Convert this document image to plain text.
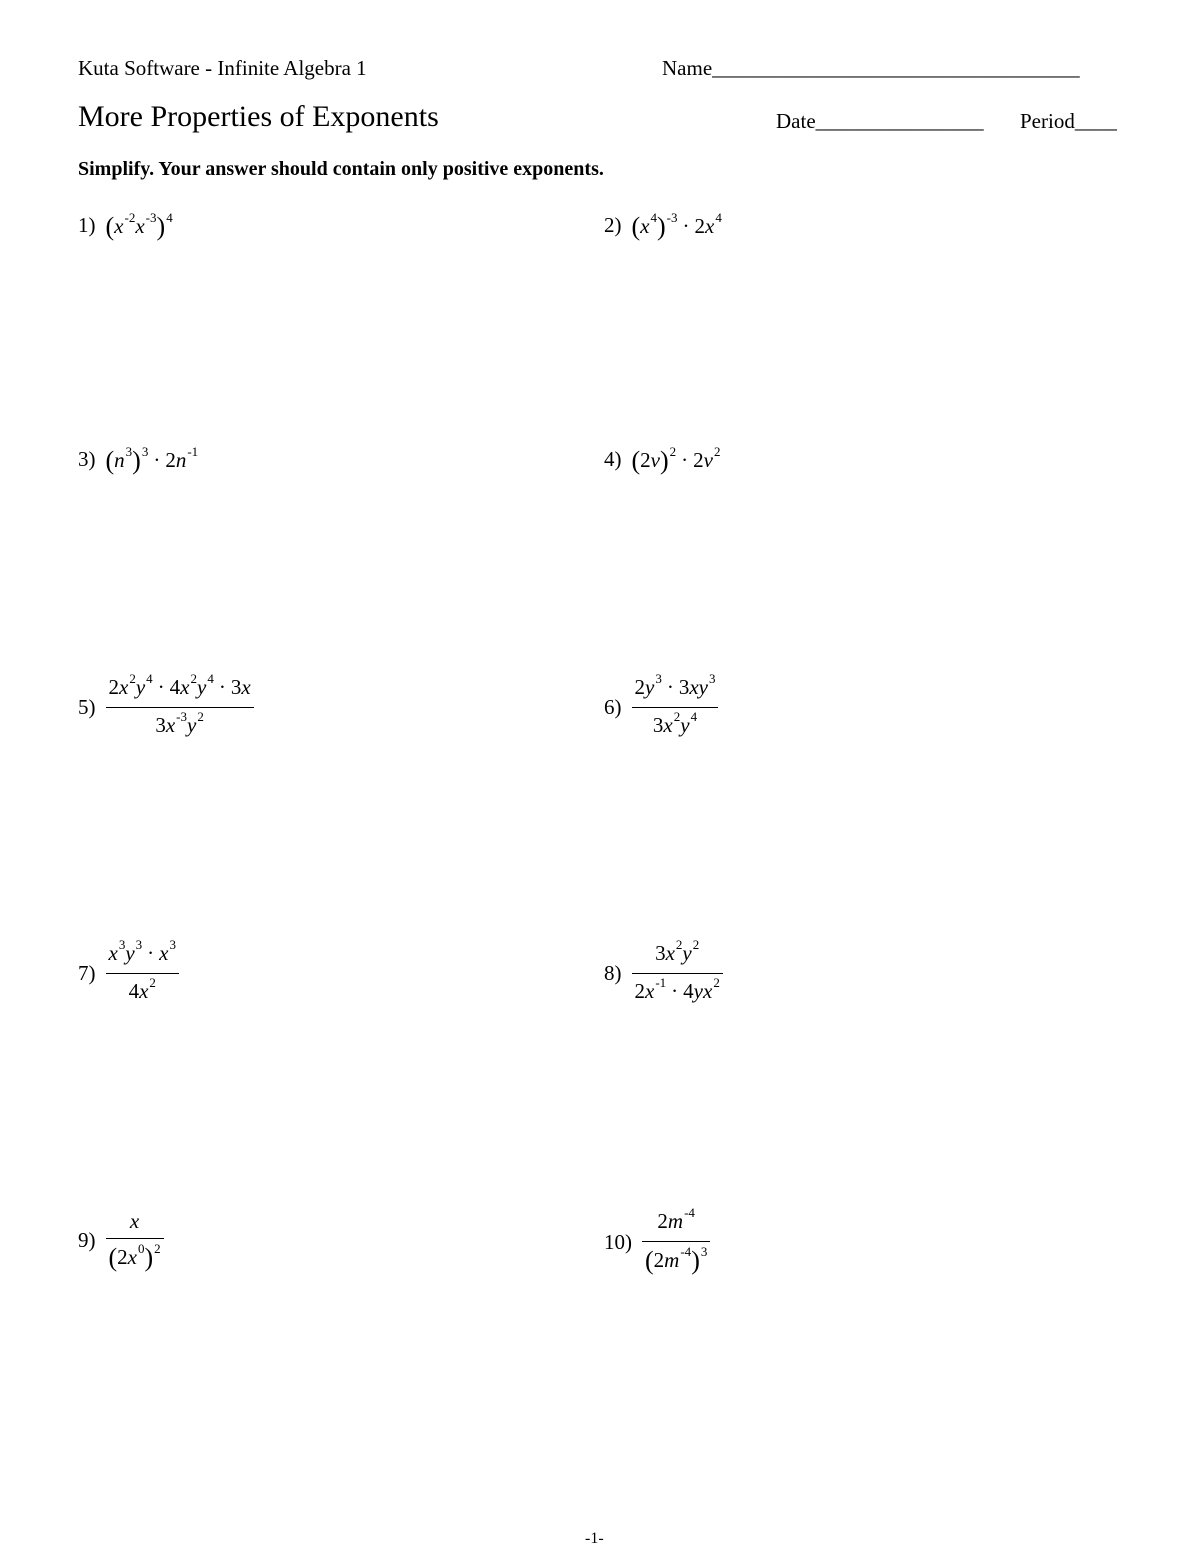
Kuta Software - Infinite Algebra 1	Name___________________________________
More Properties of Exponents	Date________________ Period____
Simplify. Your answer should contain only positive exponents.
1) $(x^{-2}x^{-3})^4$	2) $(x^4)^{-3} \cdot 2x^4$
3) $(n^3)^3 \cdot 2n^{-1}$	4) $(2v)^2 \cdot 2v^2$
$5) \frac{2x^2y^4 \cdot 4x^2y^4 \cdot 3x}{3x^{-3}y^2}$	$6) \frac{2y^3 \cdot 3xy^3}{3x^2y^4}$
$7) \frac{x^3y^3 \cdot x^3}{4x^2}$	$8) \frac{3x^2y^2}{2x^{-1} \cdot 4yx^2}$
$9) \frac{x}{(2x^0)^2}$	$10) \frac{2m^{-4}}{(2m^{-4})^3}$
-1-
